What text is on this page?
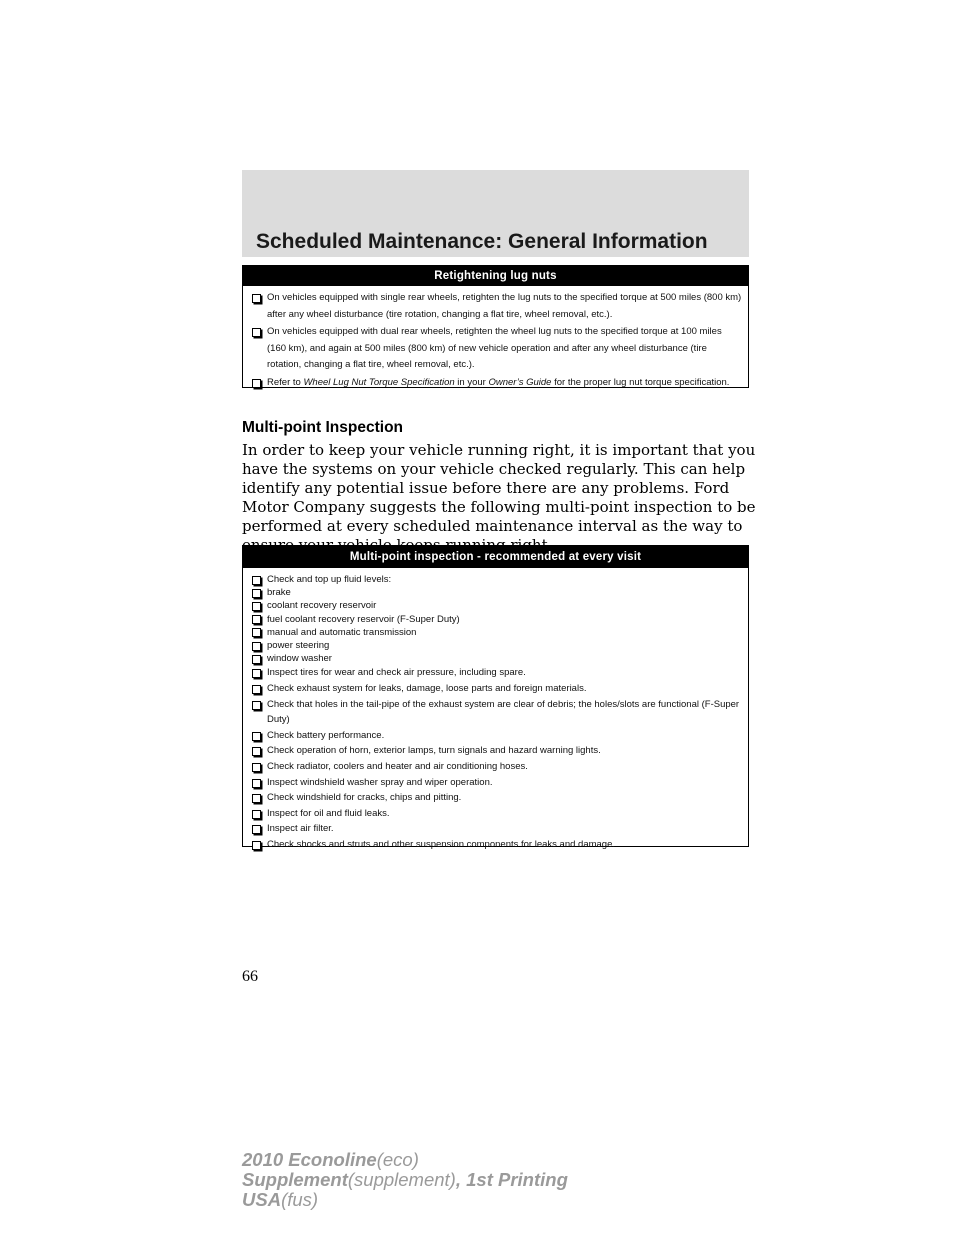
Scheduled Maintenance: General Information
Retightening lug nuts
On vehicles equipped with single rear wheels, retighten the lug nuts to the specified torque at 500 miles (800 km) after any wheel disturbance (tire rotation, changing a flat tire, wheel removal, etc.).
On vehicles equipped with dual rear wheels, retighten the wheel lug nuts to the specified torque at 100 miles (160 km), and again at 500 miles (800 km) of new vehicle operation and after any wheel disturbance (tire rotation, changing a flat tire, wheel removal, etc.).
Refer to Wheel Lug Nut Torque Specification in your Owner’s Guide for the proper lug nut torque specification.
Multi-point Inspection

In order to keep your vehicle running right, it is important that you have the systems on your vehicle checked regularly. This can help identify any potential issue before there are any problems. Ford Motor Company suggests the following multi-point inspection to be performed at every scheduled maintenance interval as the way to

Multi-point inspection - recommended at every visit
Check and top up fluid levels:
brake
coolant recovery reservoir
fuel coolant recovery reservoir (F-Super Duty)
manual and automatic transmission
power steering
window washer
Inspect tires for wear and check air pressure, including spare.
Check exhaust system for leaks, damage, loose parts and foreign materials.
Check that holes in the tail-pipe of the exhaust system are clear of debris; the holes/slots are functional (F-Super Duty)
Check battery performance.
Check operation of horn, exterior lamps, turn signals and hazard warning lights.
Check radiator, coolers and heater and air conditioning hoses.
Inspect windshield washer spray and wiper operation.
Check windshield for cracks, chips and pitting.
Inspect for oil and fluid leaks.
Inspect air filter.
Check shocks and struts and other suspension components for leaks and damage.
66
2010 Econoline(eco)
Supplement(supplement), 1st Printing
USA(fus)
